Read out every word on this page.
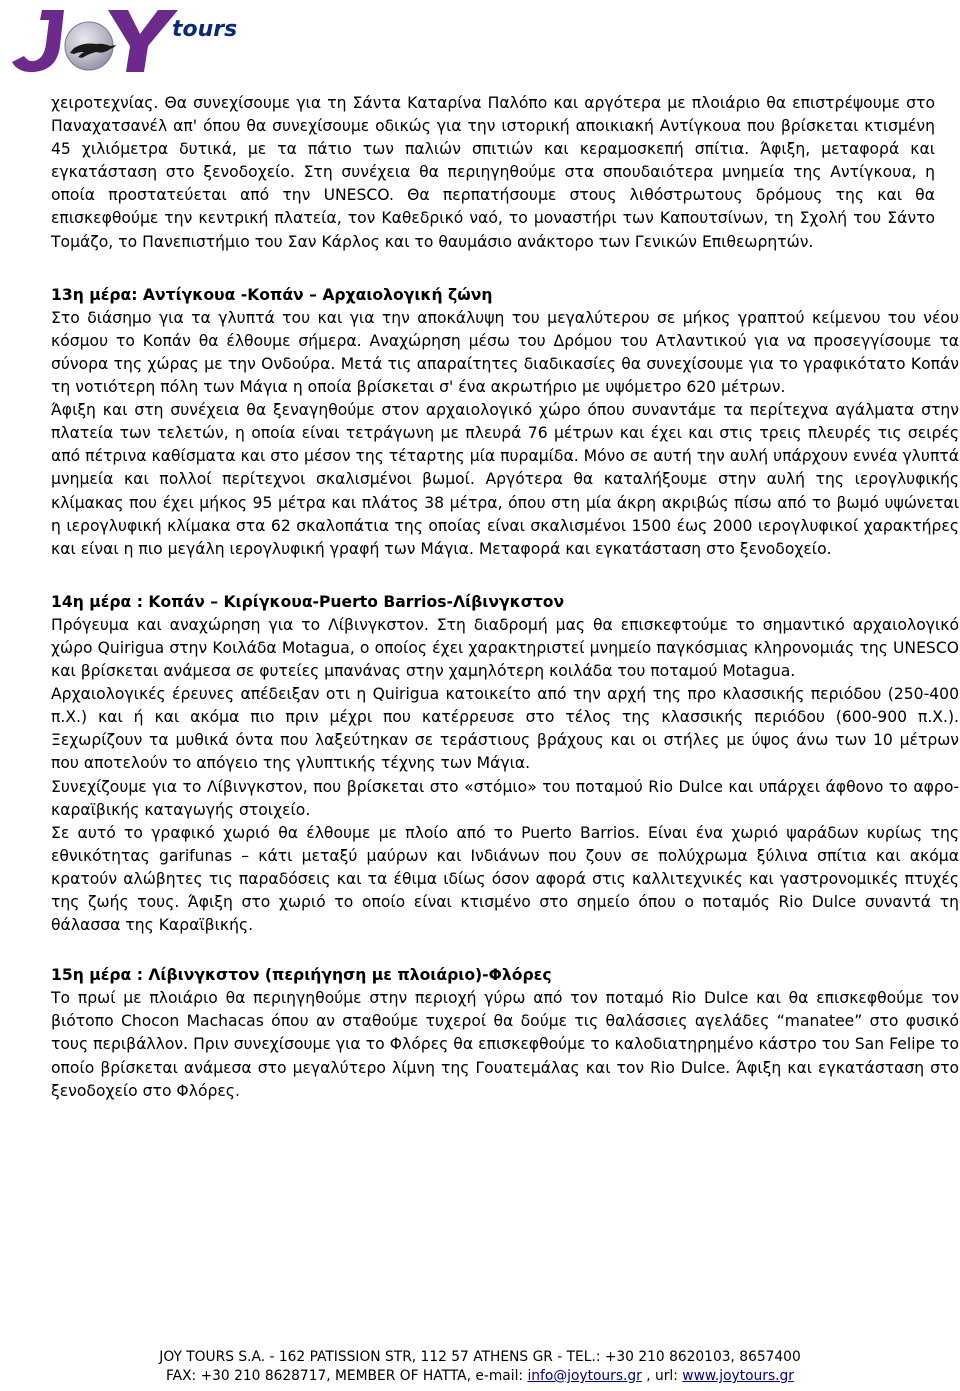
tours

χειροτεχνίας. Θα συνεχίσουμε για τη Σάντα Καταρίνα Παλόπο και αργότερα με πλοιάριο θα επιστρέψουμε στο Παναχατσανέλ απ' όπου θα συνεχίσουμε οδικώς για την ιστορική αποικιακή Αντίγκουα που βρίσκεται κτισμένη 45 χιλιόμετρα δυτικά, με τα πάτιο των παλιών σπιτιών και κεραμοσκεπή σπίτια. Άφιξη, μεταφορά και εγκατάσταση στο ξενοδοχείο. Στη συνέχεια θα περιηγηθούμε στα σπουδαιότερα μνημεία της Αντίγκουα, η οποία προστατεύεται από την UNESCO. Θα περπατήσουμε στους λιθόστρωτους δρόμους της και θα επισκεφθούμε την κεντρική πλατεία, τον Καθεδρικό ναό, το μοναστήρι των Καπουτσίνων, τη Σχολή του Σάντο Τομάζο, το Πανεπιστήμιο του Σαν Κάρλος και το θαυμάσιο ανάκτορο των Γενικών Επιθεωρητών.

13η μέρα: Αντίγκουα -Κοπάν – Αρχαιολογική ζώνη

Στο διάσημο για τα γλυπτά του και για την αποκάλυψη του μεγαλύτερου σε μήκος γραπτού κείμενου του νέου κόσμου το Κοπάν θα έλθουμε σήμερα. Αναχώρηση μέσω του Δρόμου του Ατλαντικού για να προσεγγίσουμε τα σύνορα της χώρας με την Ονδούρα. Μετά τις απαραίτητες διαδικασίες θα συνεχίσουμε για το γραφικότατο Κοπάν τη νοτιότερη πόλη των Μάγια η οποία βρίσκεται σ' ένα ακρωτήριο με υψόμετρο 620 μέτρων.

Άφιξη και στη συνέχεια θα ξεναγηθούμε στον αρχαιολογικό χώρο όπου συναντάμε τα περίτεχνα αγάλματα στην πλατεία των τελετών, η οποία είναι τετράγωνη με πλευρά 76 μέτρων και έχει και στις τρεις πλευρές τις σειρές από πέτρινα καθίσματα και στο μέσον της τέταρτης μία πυραμίδα. Μόνο σε αυτή την αυλή υπάρχουν εννέα γλυπτά μνημεία και πολλοί περίτεχνοι σκαλισμένοι βωμοί. Αργότερα θα καταλήξουμε στην αυλή της ιερογλυφικής κλίμακας που έχει μήκος 95 μέτρα και πλάτος 38 μέτρα, όπου στη μία άκρη ακριβώς πίσω από το βωμό υψώνεται η ιερογλυφική κλίμακα στα 62 σκαλοπάτια της οποίας είναι σκαλισμένοι 1500 έως 2000 ιερογλυφικοί χαρακτήρες και είναι η πιο μεγάλη ιερογλυφική γραφή των Μάγια. Μεταφορά και εγκατάσταση στο ξενοδοχείο.

14η μέρα : Κοπάν – Κιρίγκουα-Puerto Barrios-Λίβινγκστον

Πρόγευμα και αναχώρηση για το Λίβινγκστον. Στη διαδρομή μας θα επισκεφτούμε το σημαντικό αρχαιολογικό χώρο Quirigua στην Κοιλάδα Motagua, ο οποίος έχει χαρακτηριστεί μνημείο παγκόσμιας κληρονομιάς της UNESCO και βρίσκεται ανάμεσα σε φυτείες μπανάνας στην χαμηλότερη κοιλάδα του ποταμού Motagua.

Αρχαιολογικές έρευνες απέδειξαν οτι η Quirigua κατοικείτο από την αρχή της προ κλασσικής περιόδου (250-400 π.Χ.) και ή και ακόμα πιο πριν μέχρι που κατέρρευσε στο τέλος της κλασσικής περιόδου (600-900 π.Χ.). Ξεχωρίζουν τα μυθικά όντα που λαξεύτηκαν σε τεράστιους βράχους και οι στήλες με ύψος άνω των 10 μέτρων που αποτελούν το απόγειο της γλυπτικής τέχνης των Μάγια.

Συνεχίζουμε για το Λίβινγκστον, που βρίσκεται στο «στόμιο» του ποταμού Rio Dulce και υπάρχει άφθονο το αφρο-καραϊβικής καταγωγής στοιχείο.

Σε αυτό το γραφικό χωριό θα έλθουμε με πλοίο από το Puerto Barrios. Είναι ένα χωριό ψαράδων κυρίως της εθνικότητας garifunas – κάτι μεταξύ μαύρων και Ινδιάνων που ζουν σε πολύχρωμα ξύλινα σπίτια και ακόμα κρατούν αλώβητες τις παραδόσεις και τα έθιμα ιδίως όσον αφορά στις καλλιτεχνικές και γαστρονομικές πτυχές της ζωής τους. Άφιξη στο χωριό το οποίο είναι κτισμένο στο σημείο όπου ο ποταμός Rio Dulce συναντά τη θάλασσα της Καραϊβικής.

15η μέρα : Λίβινγκστον (περιήγηση με πλοιάριο)-Φλόρες

Το πρωί με πλοιάριο θα περιηγηθούμε στην περιοχή γύρω από τον ποταμό Rio Dulce και θα επισκεφθούμε τον βιότοπο Chocon Machacas όπου αν σταθούμε τυχεροί θα δούμε τις θαλάσσιες αγελάδες “manatee” στο φυσικό τους περιβάλλον. Πριν συνεχίσουμε για το Φλόρες θα επισκεφθούμε το καλοδιατηρημένο κάστρο του San Felipe το οποίο βρίσκεται ανάμεσα στο μεγαλύτερο λίμνη της Γουατεμάλας και τον Rio Dulce. Άφιξη και εγκατάσταση στο ξενοδοχείο στο Φλόρες.

JOY TOURS S.A. - 162 PATISSION STR, 112 57 ATHENS GR - TEL.: +30 210 8620103, 8657400
FAX: +30 210 8628717, MEMBER OF HATTA, e-mail: info@joytours.gr , url: www.joytours.gr
